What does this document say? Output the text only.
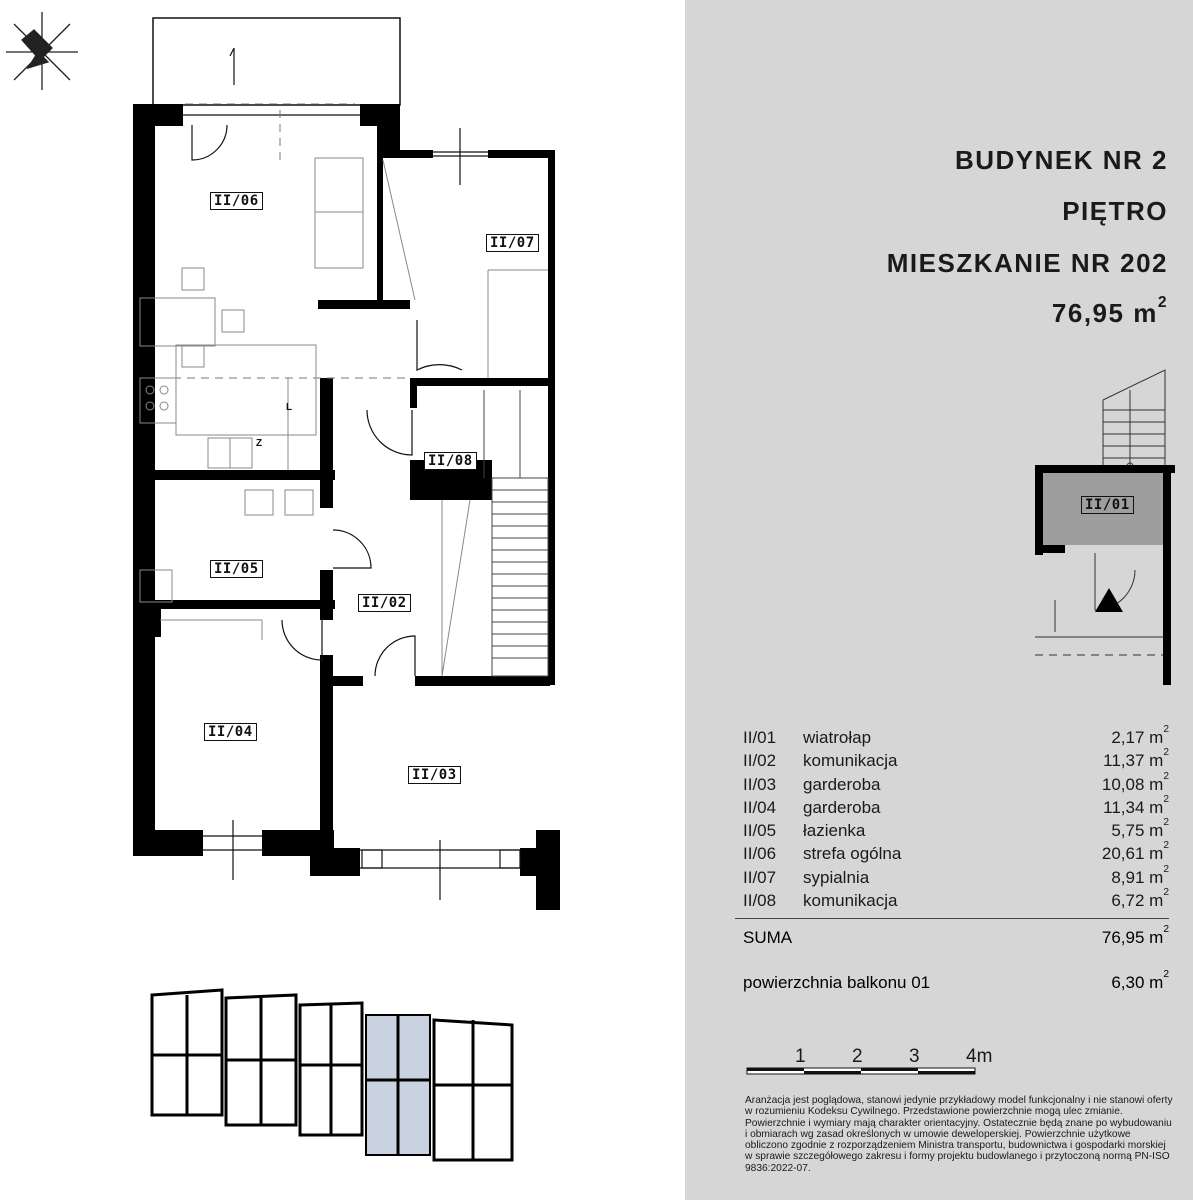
II/06
II/07
II/08
II/05
II/02
II/04
II/03
L
Z
II/01
BUDYNEK NR 2
PIĘTRO
MIESZKANIE NR 202
76,95 $m^2$
II/01 wiatrołap	2,17 $m^2$
II/02 komunikacja	11,37 $m^2$
II/03 garderoba	10,08 $m^2$
II/04 garderoba	11,34 $m^2$
II/05 łazienka	5,75 $m^2$
II/06 strefa ogólna	20,61 $m^2$
II/07 sypialnia	8,91 $m^2$
II/08 komunikacja	6,72 $m^2$
SUMA	76,95 $m^2$
powierzchnia balkonu 01	6,30 $m^2$
1 2 3 4m

Aranżacja jest poglądowa, stanowi jedynie przykładowy model funkcjonalny i nie stanowi oferty w rozumieniu Kodeksu Cywilnego. Przedstawione powierzchnie mogą ulec zmianie. Powierzchnie i wymiary mają charakter orientacyjny. Ostatecznie będą znane po wybudowaniu i obmiarach wg zasad określonych w umowie deweloperskiej. Powierzchnie użytkowe obliczono zgodnie z rozporządzeniem Ministra transportu, budownictwa i gospodarki morskiej w sprawie szczegółowego zakresu i formy projektu budowlanego i przytoczoną normą PN-ISO 9836:2022-07.
